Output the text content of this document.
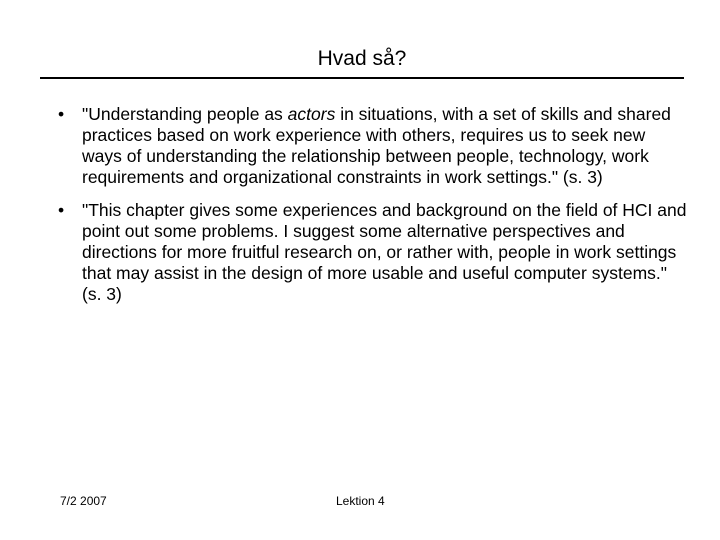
Hvad så?
• "Understanding people as actors in situations, with a set of skills and shared practices based on work experience with others, requires us to seek new ways of understanding the relationship between people, technology, work requirements and organizational constraints in work settings." (s. 3)
• "This chapter gives some experiences and background on the field of HCI and point out some problems. I suggest some alternative perspectives and directions for more fruitful research on, or rather with, people in work settings that may assist in the design of more usable and useful computer systems." (s. 3)
7/2 2007	Lektion 4
